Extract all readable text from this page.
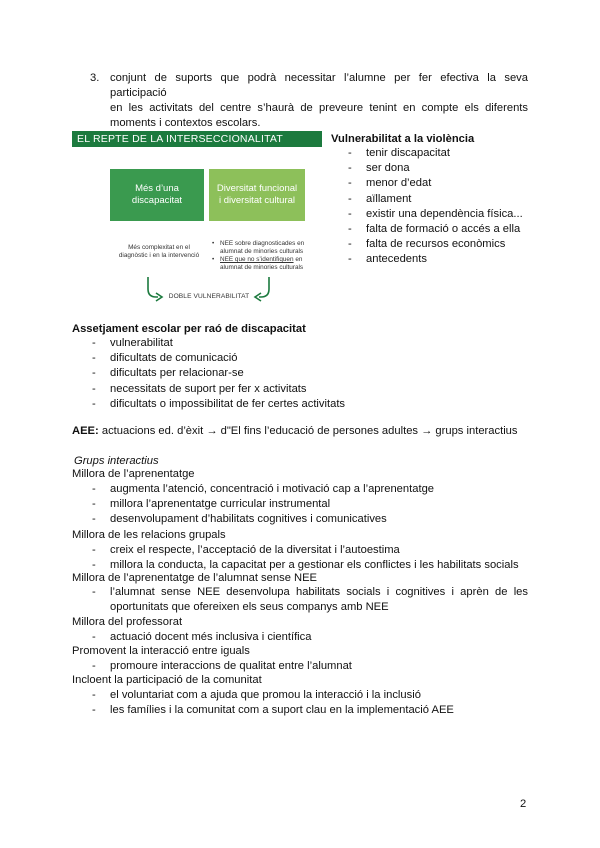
3. conjunt de suports que podrà necessitar l’alumne per fer efectiva la seva participació
en les activitats del centre s’haurà de preveure tenint en compte els diferents
moments i contextos escolars.
EL REPTE DE LA INTERSECCIONALITAT
Més d’una discapacitat
Diversitat funcional i diversitat cultural
Més complexitat en el diagnòstic i en la intervenció
• NEE sobre diagnosticades en alumnat de minories culturals
• NEE que no s’identifiquen en alumnat de minories culturals
DOBLE VULNERABILITAT
Vulnerabilitat a la violència
- tenir discapacitat
- ser dona
- menor d’edat
- aïllament
- existir una dependència física...
- falta de formació o accés a ella
- falta de recursos econòmics
- antecedents
Assetjament escolar per raó de discapacitat
- vulnerabilitat
- dificultats de comunicació
- dificultats per relacionar-se
- necessitats de suport per fer x activitats
- dificultats o impossibilitat de fer certes activitats
AEE: actuacions ed. d’èxit → d"El fins l’educació de persones adultes → grups interactius
Grups interactius
Millora de l’aprenentatge
- augmenta l’atenció, concentració i motivació cap a l’aprenentatge
- millora l’aprenentatge curricular instrumental
- desenvolupament d’habilitats cognitives i comunicatives
Millora de les relacions grupals
- creix el respecte, l’acceptació de la diversitat i l’autoestima
- millora la conducta, la capacitat per a gestionar els conflictes i les habilitats socials
Millora de l’aprenentatge de l’alumnat sense NEE
- l’alumnat sense NEE desenvolupa habilitats socials i cognitives i aprèn de les
oportunitats que ofereixen els seus companys amb NEE
Millora del professorat
- actuació docent més inclusiva i científica
Promovent la interacció entre iguals
- promoure interaccions de qualitat entre l’alumnat
Incloent la participació de la comunitat
- el voluntariat com a ajuda que promou la interacció i la inclusió
- les famílies i la comunitat com a suport clau en la implementació AEE
2
